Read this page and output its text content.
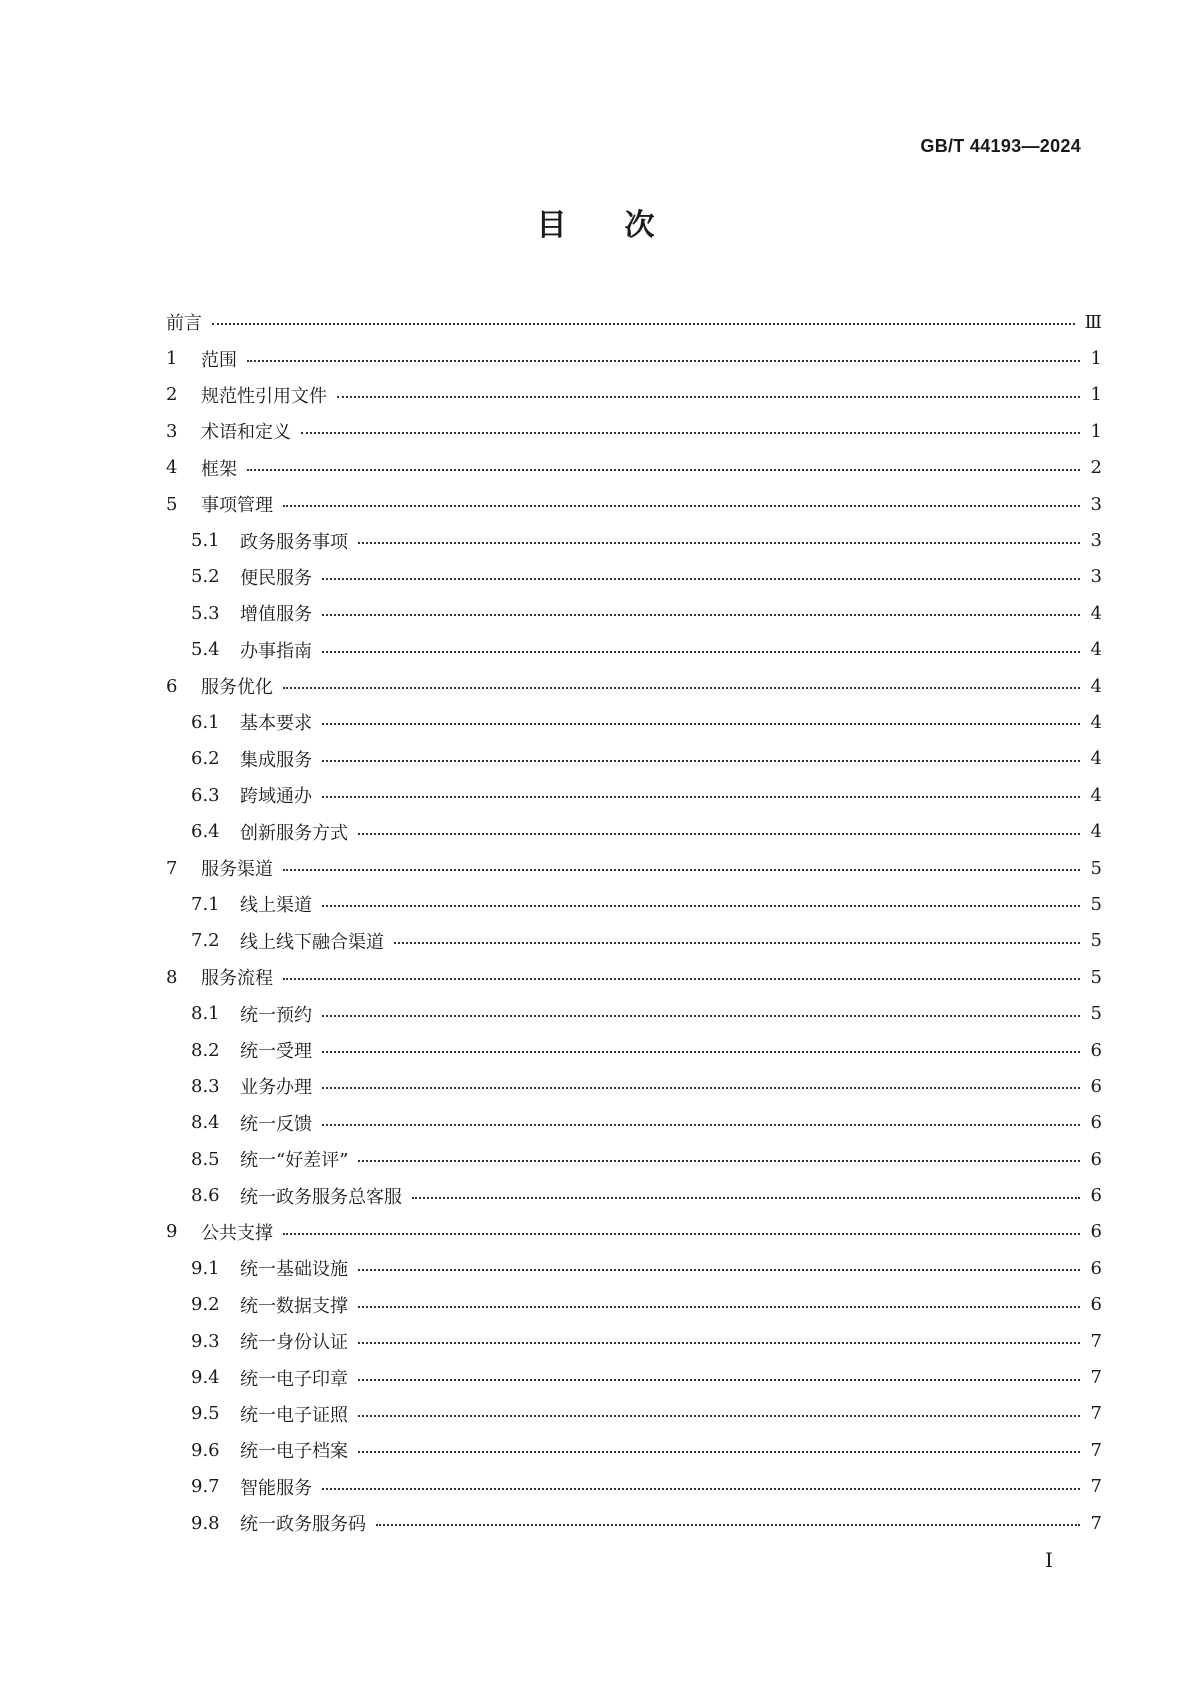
GB/T 44193—2024
目次
前言	Ⅲ
1	范围	1
2	规范性引用文件	1
3	术语和定义	1
4	框架	2
5	事项管理	3
5.1	政务服务事项	3
5.2	便民服务	3
5.3	增值服务	4
5.4	办事指南	4
6	服务优化	4
6.1	基本要求	4
6.2	集成服务	4
6.3	跨域通办	4
6.4	创新服务方式	4
7	服务渠道	5
7.1	线上渠道	5
7.2	线上线下融合渠道	5
8	服务流程	5
8.1	统一预约	5
8.2	统一受理	6
8.3	业务办理	6
8.4	统一反馈	6
8.5	统一“好差评”	6
8.6	统一政务服务总客服	6
9	公共支撑	6
9.1	统一基础设施	6
9.2	统一数据支撑	6
9.3	统一身份认证	7
9.4	统一电子印章	7
9.5	统一电子证照	7
9.6	统一电子档案	7
9.7	智能服务	7
9.8	统一政务服务码	7
Ⅰ
